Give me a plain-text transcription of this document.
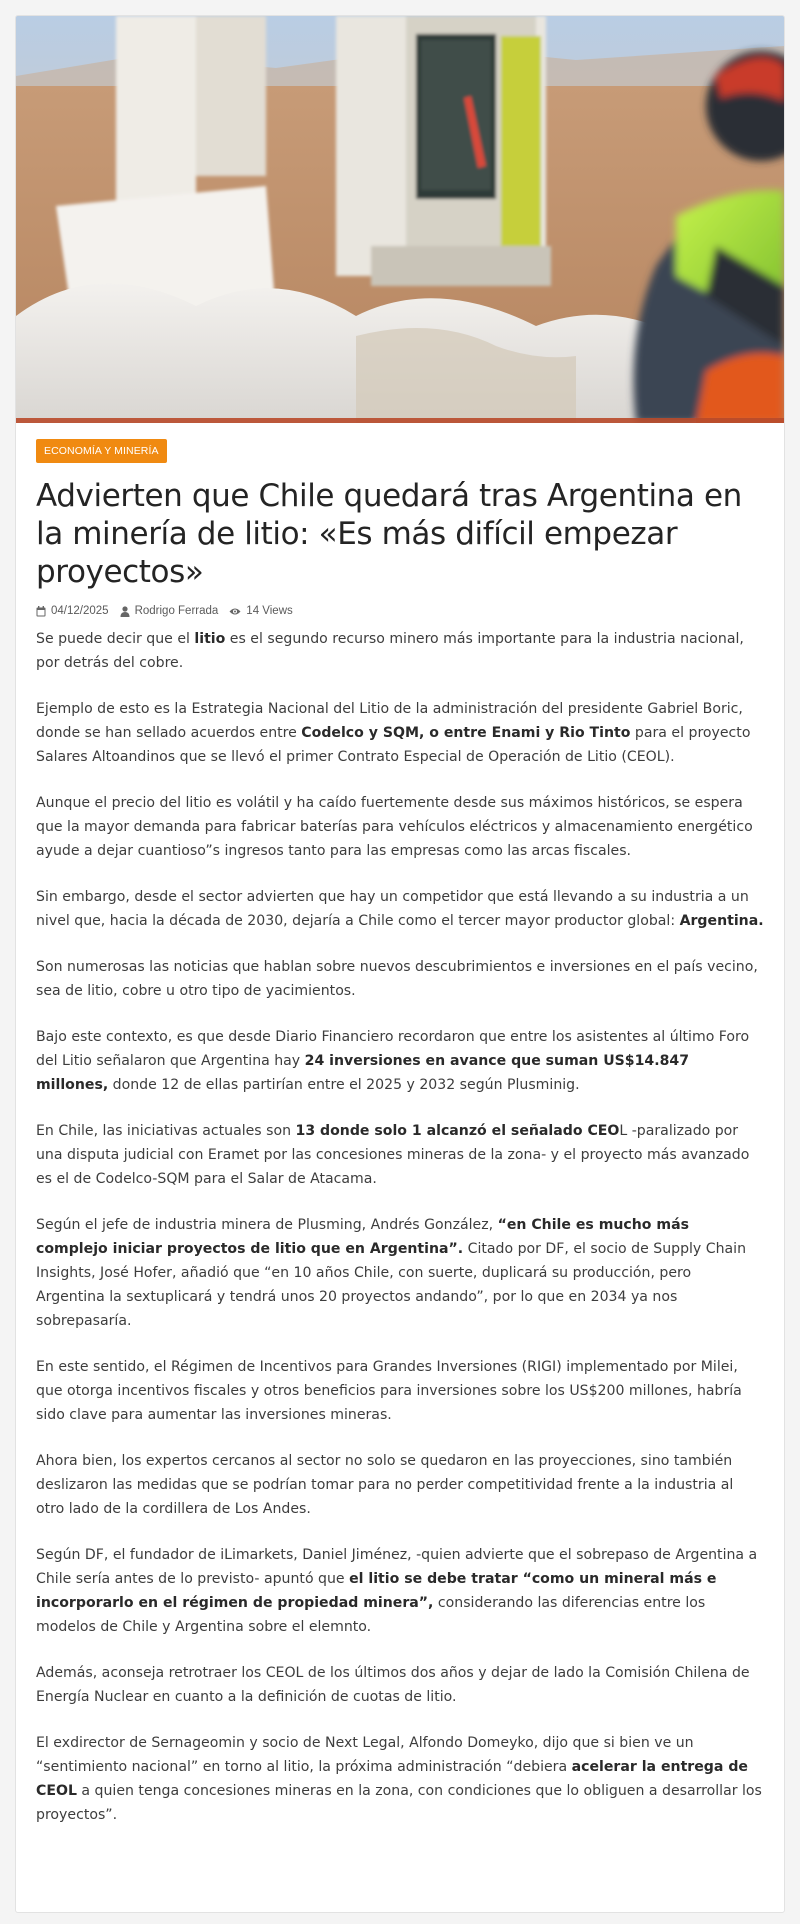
ECONOMÍA Y MINERÍA
Advierten que Chile quedará tras Argentina en la minería de litio: «Es más difícil empezar proyectos»
04/12/2025 Rodrigo Ferrada 14 Views

Se puede decir que el litio es el segundo recurso minero más importante para la industria nacional, por detrás del cobre.

Ejemplo de esto es la Estrategia Nacional del Litio de la administración del presidente Gabriel Boric, donde se han sellado acuerdos entre Codelco y SQM, o entre Enami y Rio Tinto para el proyecto Salares Altoandinos que se llevó el primer Contrato Especial de Operación de Litio (CEOL).

Aunque el precio del litio es volátil y ha caído fuertemente desde sus máximos históricos, se espera que la mayor demanda para fabricar baterías para vehículos eléctricos y almacenamiento energético ayude a dejar cuantioso”s ingresos tanto para las empresas como las arcas fiscales.

Sin embargo, desde el sector advierten que hay un competidor que está llevando a su industria a un nivel que, hacia la década de 2030, dejaría a Chile como el tercer mayor productor global: Argentina.

Son numerosas las noticias que hablan sobre nuevos descubrimientos e inversiones en el país vecino, sea de litio, cobre u otro tipo de yacimientos.

Bajo este contexto, es que desde Diario Financiero recordaron que entre los asistentes al último Foro del Litio señalaron que Argentina hay 24 inversiones en avance que suman US$14.847 millones, donde 12 de ellas partirían entre el 2025 y 2032 según Plusminig.

En Chile, las iniciativas actuales son 13 donde solo 1 alcanzó el señalado CEOL -paralizado por una disputa judicial con Eramet por las concesiones mineras de la zona- y el proyecto más avanzado es el de Codelco-SQM para el Salar de Atacama.

Según el jefe de industria minera de Plusming, Andrés González, “en Chile es mucho más complejo iniciar proyectos de litio que en Argentina”. Citado por DF, el socio de Supply Chain Insights, José Hofer, añadió que “en 10 años Chile, con suerte, duplicará su producción, pero Argentina la sextuplicará y tendrá unos 20 proyectos andando”, por lo que en 2034 ya nos sobrepasaría.

En este sentido, el Régimen de Incentivos para Grandes Inversiones (RIGI) implementado por Milei, que otorga incentivos fiscales y otros beneficios para inversiones sobre los US$200 millones, habría sido clave para aumentar las inversiones mineras.

Ahora bien, los expertos cercanos al sector no solo se quedaron en las proyecciones, sino también deslizaron las medidas que se podrían tomar para no perder competitividad frente a la industria al otro lado de la cordillera de Los Andes.

Según DF, el fundador de iLimarkets, Daniel Jiménez, -quien advierte que el sobrepaso de Argentina a Chile sería antes de lo previsto- apuntó que el litio se debe tratar “como un mineral más e incorporarlo en el régimen de propiedad minera”, considerando las diferencias entre los modelos de Chile y Argentina sobre el elemnto.

Además, aconseja retrotraer los CEOL de los últimos dos años y dejar de lado la Comisión Chilena de Energía Nuclear en cuanto a la definición de cuotas de litio.

El exdirector de Sernageomin y socio de Next Legal, Alfondo Domeyko, dijo que si bien ve un “sentimiento nacional” en torno al litio, la próxima administración “debiera acelerar la entrega de CEOL a quien tenga concesiones mineras en la zona, con condiciones que lo obliguen a desarrollar los proyectos”.
